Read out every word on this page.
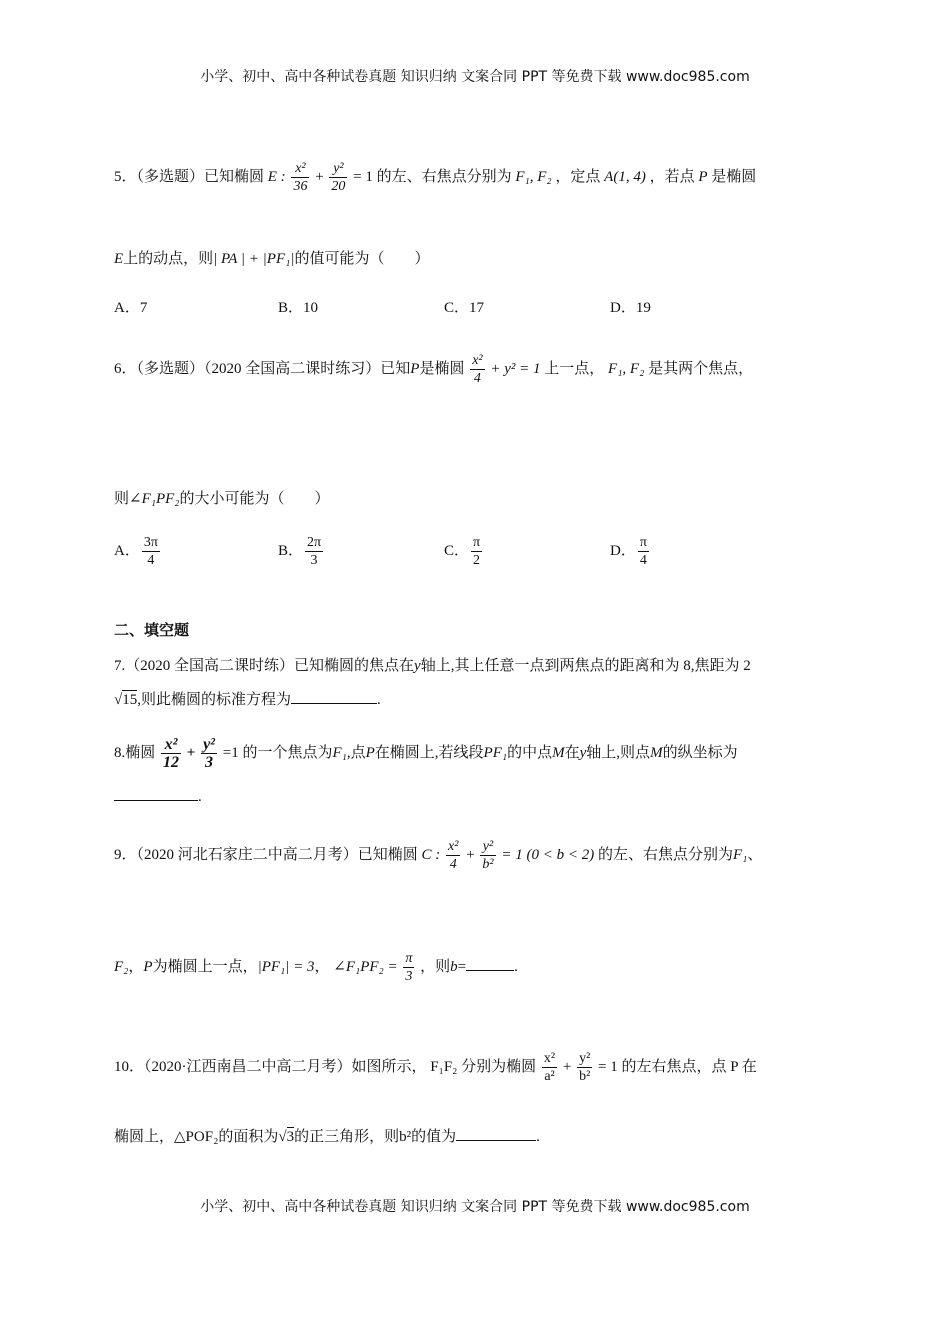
小学、初中、高中各种试卷真题 知识归纳 文案合同 PPT 等免费下载 www.doc985.com
5．（多选题）已知椭圆 E : $\frac{\text{x²}}{36} + \frac{\text{y²}}{20} = 1$ 的左、右焦点分别为 F₁, F₂ ，定点 A(1, 4) ，若点 P 是椭圆
E上的动点，则| PA | + |PF₁|的值可能为（　　）
A．7	B．10	C．17	D．19
6．（多选题）（2020 全国高二课时练习）已知P是椭圆 $\frac{\text{x²}}{4} + y^2 = 1$ 上一点， F₁, F₂ 是其两个焦点，
则∠F₁PF₂的大小可能为（　　）
A． $\frac{3\pi}{4}$	B． $\frac{2\pi}{3}$	C． $\frac{\pi}{2}$	D． $\frac{\pi}{4}$
二、填空题
7.（2020 全国高二课时练）已知椭圆的焦点在y轴上,其上任意一点到两焦点的距离和为 8,焦距为 2
√15,则此椭圆的标准方程为	.
8.椭圆 $\frac{\text{x²}}{12} + \frac{\text{y²}}{3} =1$ 的一个焦点为F₁,点P在椭圆上,若线段PF₁的中点M在y轴上,则点M的纵坐标为
.
9．（2020 河北石家庄二中高二月考）已知椭圆 C : $\frac{\text{x²}}{4} + \frac{\text{y²}}{\text{b²}} = 1$ (0 < b < 2) 的左、右焦点分别为F₁、
F₂，P为椭圆上一点，|PF₁| = 3， ∠F₁PF₂ = $\frac{\pi}{3}$ ，则b=	.
10．（2020·江西南昌二中高二月考）如图所示， F₁F₂ 分别为椭圆 $\frac{\text{x²}}{\text{a²}} + \frac{\text{y²}}{\text{b²}} = 1$ 的左右焦点，点 P 在
椭圆上，△POF₂的面积为√3的正三角形，则b²的值为	.
小学、初中、高中各种试卷真题 知识归纳 文案合同 PPT 等免费下载 www.doc985.com
